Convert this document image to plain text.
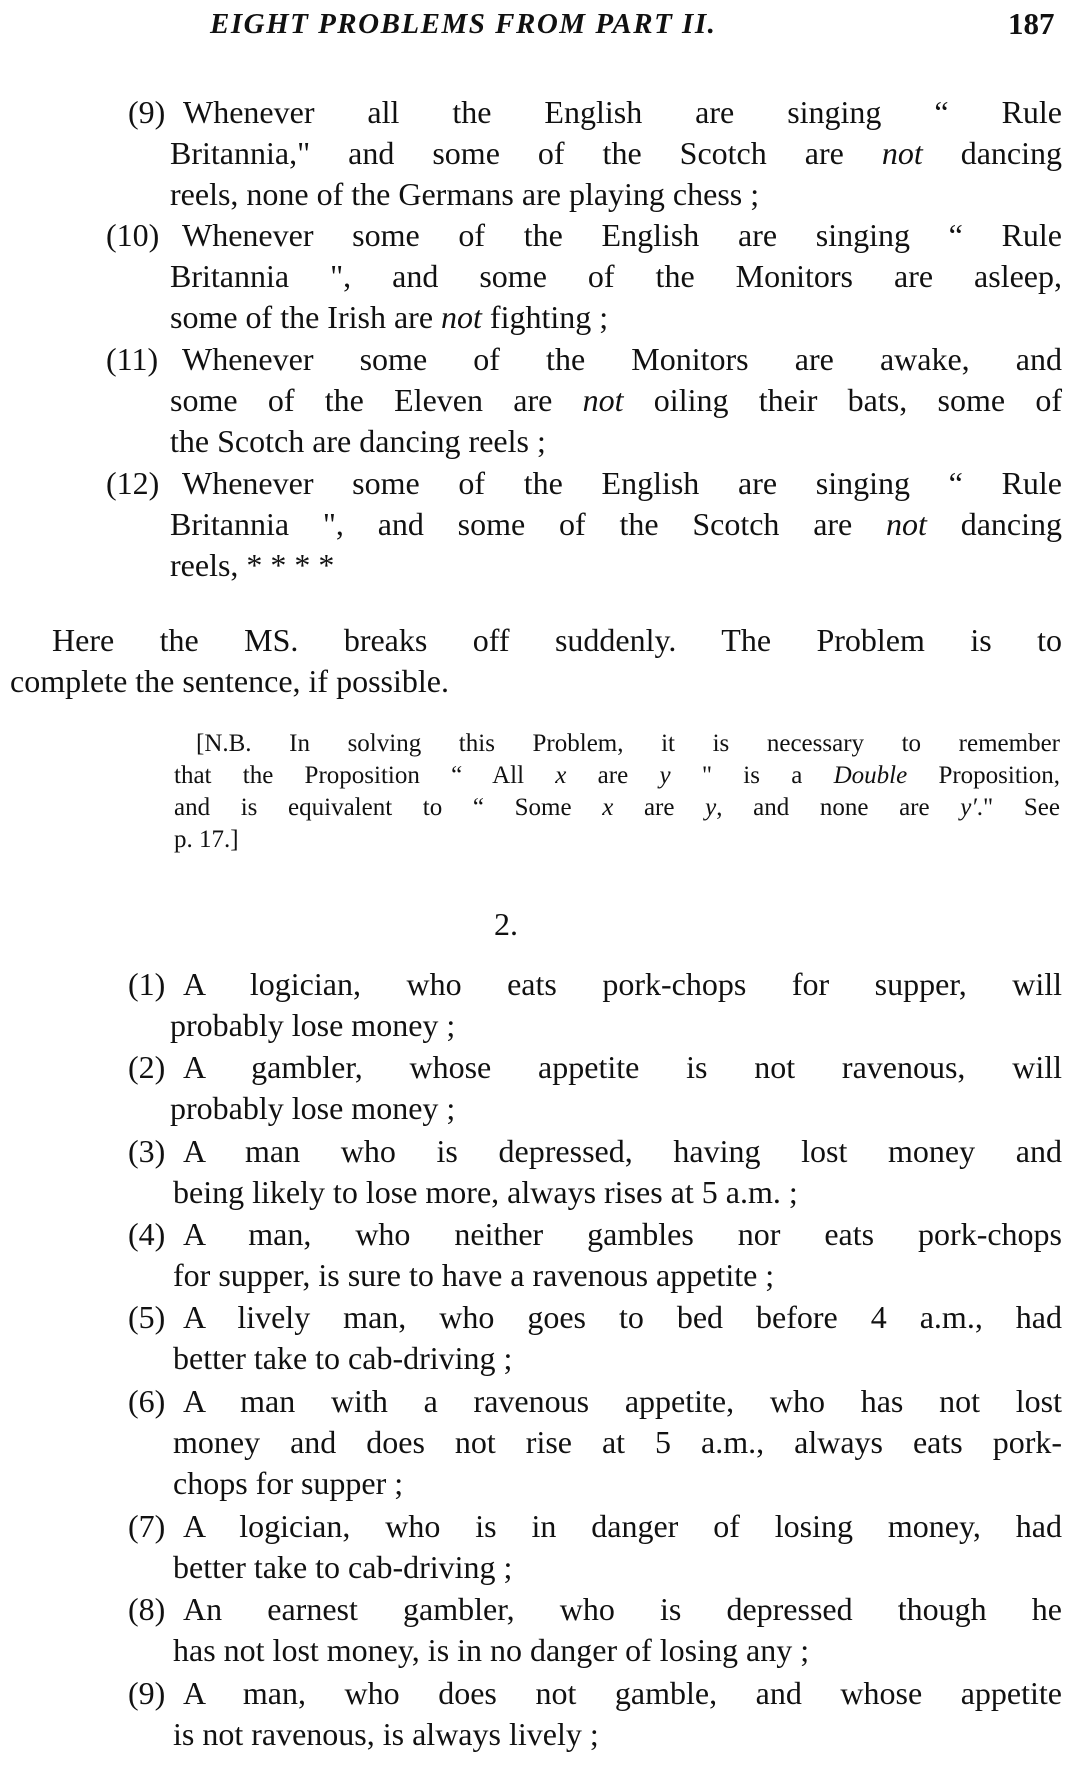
EIGHT PROBLEMS FROM PART II.	187
(9) Whenever all the English are singing “ Rule
Britannia," and some of the Scotch are not dancing
reels, none of the Germans are playing chess ;
(10) Whenever some of the English are singing “ Rule
Britannia ", and some of the Monitors are asleep,
some of the Irish are not fighting ;
(11) Whenever some of the Monitors are awake, and
some of the Eleven are not oiling their bats, some of
the Scotch are dancing reels ;
(12) Whenever some of the English are singing “ Rule
Britannia ", and some of the Scotch are not dancing
reels, * * * *
Here the MS. breaks off suddenly. The Problem is to
complete the sentence, if possible.
[N.B. In solving this Problem, it is necessary to remember
that the Proposition “ All x are y " is a Double Proposition,
and is equivalent to “ Some x are y, and none are y′." See
p. 17.]
2.
(1) A logician, who eats pork-chops for supper, will
probably lose money ;
(2) A gambler, whose appetite is not ravenous, will
probably lose money ;
(3) A man who is depressed, having lost money and
being likely to lose more, always rises at 5 a.m. ;
(4) A man, who neither gambles nor eats pork-chops
for supper, is sure to have a ravenous appetite ;
(5) A lively man, who goes to bed before 4 a.m., had
better take to cab-driving ;
(6) A man with a ravenous appetite, who has not lost
money and does not rise at 5 a.m., always eats pork-
chops for supper ;
(7) A logician, who is in danger of losing money, had
better take to cab-driving ;
(8) An earnest gambler, who is depressed though he
has not lost money, is in no danger of losing any ;
(9) A man, who does not gamble, and whose appetite
is not ravenous, is always lively ;
